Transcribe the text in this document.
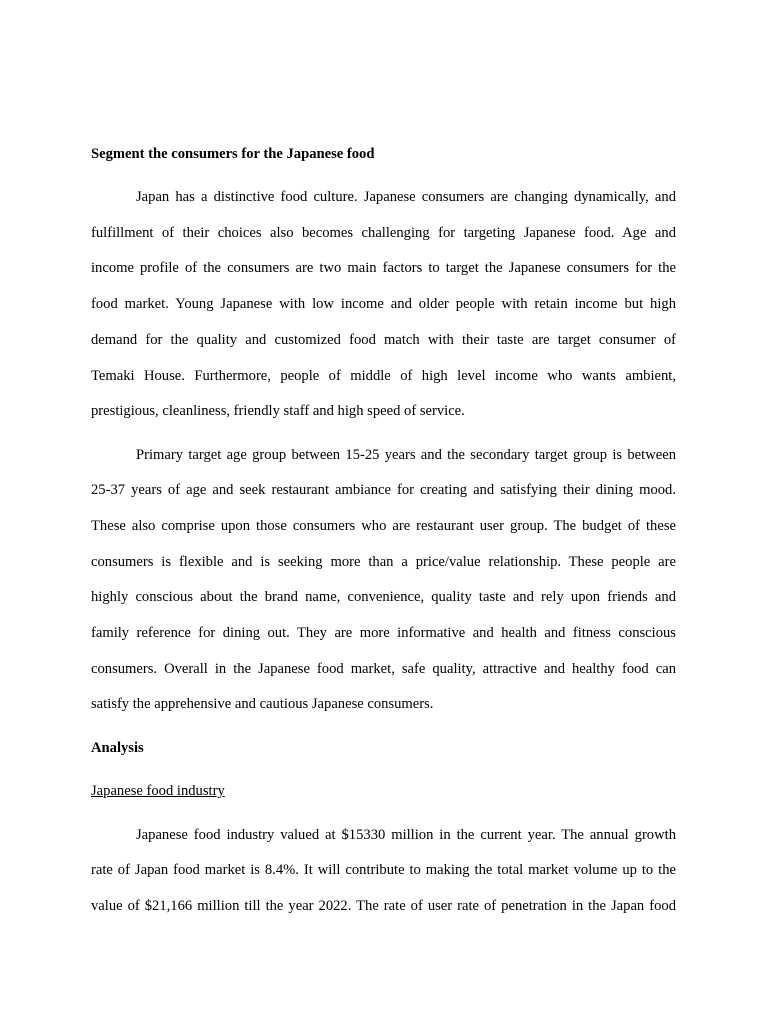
Segment the consumers for the Japanese food
Japan has a distinctive food culture. Japanese consumers are changing dynamically, and
fulfillment of their choices also becomes challenging for targeting Japanese food. Age and
income profile of the consumers are two main factors to target the Japanese consumers for the
food market. Young Japanese with low income and older people with retain income but high
demand for the quality and customized food match with their taste are target consumer of
Temaki House. Furthermore, people of middle of high level income who wants ambient,
prestigious, cleanliness, friendly staff and high speed of service.
Primary target age group between 15-25 years and the secondary target group is between
25-37 years of age and seek restaurant ambiance for creating and satisfying their dining mood.
These also comprise upon those consumers who are restaurant user group. The budget of these
consumers is flexible and is seeking more than a price/value relationship. These people are
highly conscious about the brand name, convenience, quality taste and rely upon friends and
family reference for dining out. They are more informative and health and fitness conscious
consumers. Overall in the Japanese food market, safe quality, attractive and healthy food can
satisfy the apprehensive and cautious Japanese consumers.
Analysis
Japanese food industry
Japanese food industry valued at $15330 million in the current year. The annual growth
rate of Japan food market is 8.4%. It will contribute to making the total market volume up to the
value of $21,166 million till the year 2022. The rate of user rate of penetration in the Japan food
